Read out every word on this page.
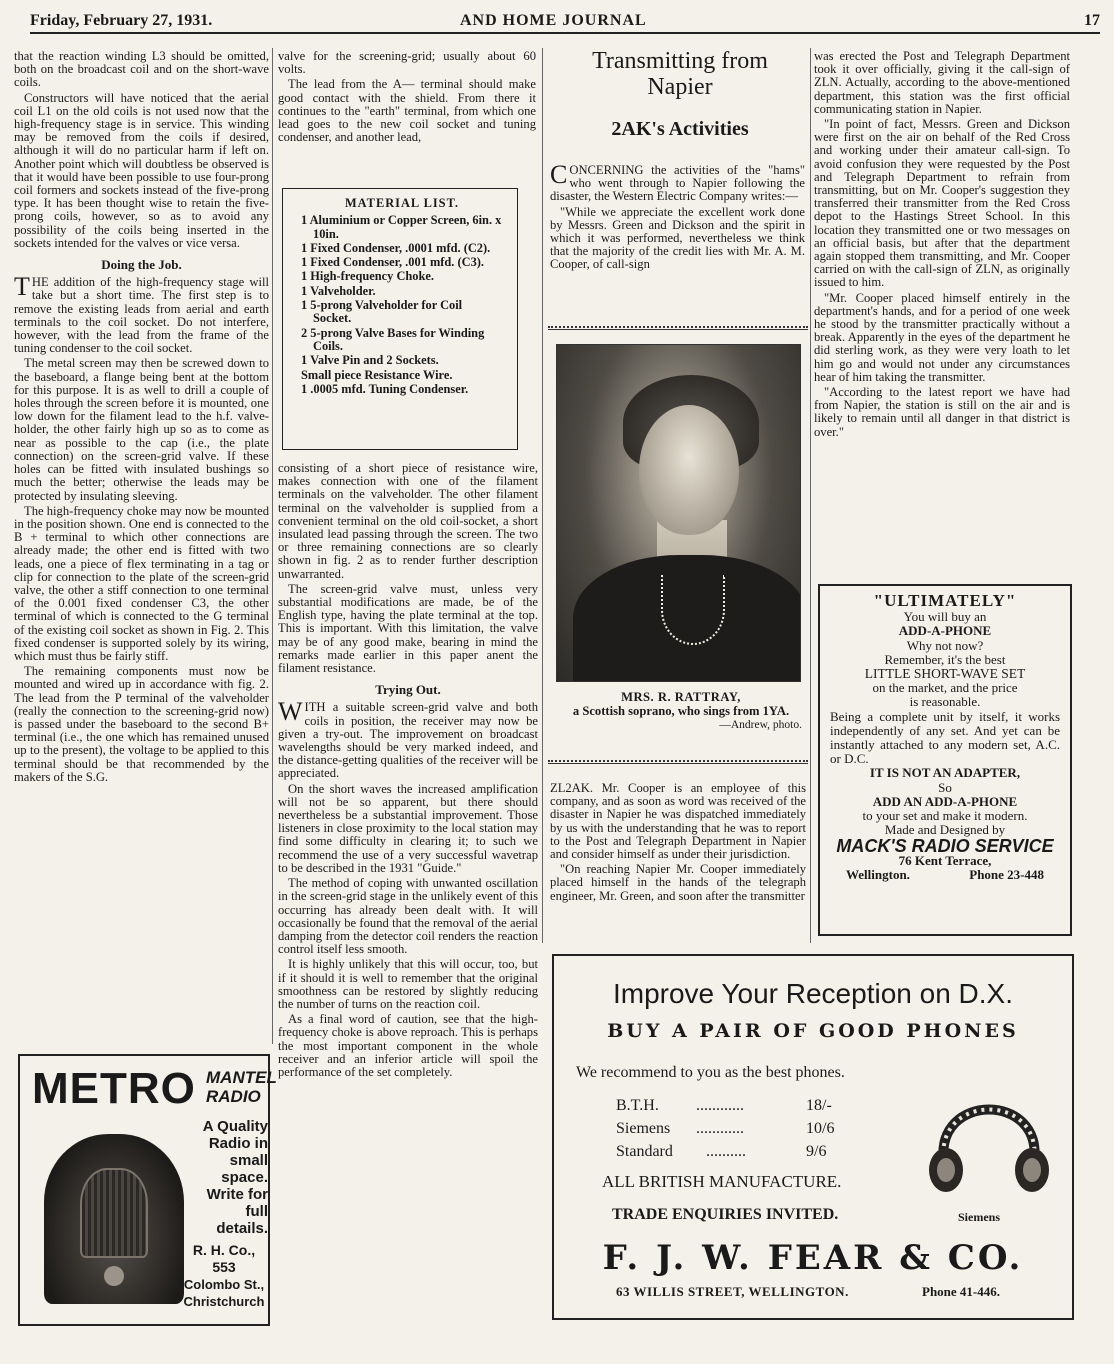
Friday, February 27, 1931.	AND HOME JOURNAL	17

that the reaction winding L3 should be omitted, both on the broadcast coil and on the short-wave coils.

Constructors will have noticed that the aerial coil L1 on the old coils is not used now that the high-frequency stage is in service. This winding may be removed from the coils if desired, although it will do no particular harm if left on. Another point which will doubtless be observed is that it would have been possible to use four-prong coil formers and sockets instead of the five-prong type. It has been thought wise to retain the five-prong coils, however, so as to avoid any possibility of the coils being inserted in the sockets intended for the valves or vice versa.

Doing the Job.

THE addition of the high-frequency stage will take but a short time. The first step is to remove the existing leads from aerial and earth terminals to the coil socket. Do not interfere, however, with the lead from the frame of the tuning condenser to the coil socket.

The metal screen may then be screwed down to the baseboard, a flange being bent at the bottom for this purpose. It is as well to drill a couple of holes through the screen before it is mounted, one low down for the filament lead to the h.f. valve-holder, the other fairly high up so as to come as near as possible to the cap (i.e., the plate connection) on the screen-grid valve. If these holes can be fitted with insulated bushings so much the better; otherwise the leads may be protected by insulating sleeving.

The high-frequency choke may now be mounted in the position shown. One end is connected to the B + terminal to which other connections are already made; the other end is fitted with two leads, one a piece of flex terminating in a tag or clip for connection to the plate of the screen-grid valve, the other a stiff connection to one terminal of the 0.001 fixed condenser C3, the other terminal of which is connected to the G terminal of the existing coil socket as shown in Fig. 2. This fixed condenser is supported solely by its wiring, which must thus be fairly stiff.

The remaining components must now be mounted and wired up in accordance with fig. 2. The lead from the P terminal of the valveholder (really the connection to the screening-grid now) is passed under the baseboard to the second B+ terminal (i.e., the one which has remained unused up to the present), the voltage to be applied to this terminal should be that recommended by the makers of the S.G.

valve for the screening-grid; usually about 60 volts.

The lead from the A— terminal should make good contact with the shield. From there it continues to the "earth" terminal, from which one lead goes to the new coil socket and tuning condenser, and another lead,

MATERIAL LIST.
1 Aluminium or Copper Screen, 6in. x 10in.
1 Fixed Condenser, .0001 mfd. (C2).
1 Fixed Condenser, .001 mfd. (C3).
1 High-frequency Choke.
1 Valveholder.
1 5-prong Valveholder for Coil Socket.
2 5-prong Valve Bases for Winding Coils.
1 Valve Pin and 2 Sockets.
Small piece Resistance Wire.
1 .0005 mfd. Tuning Condenser.

consisting of a short piece of resistance wire, makes connection with one of the filament terminals on the valveholder. The other filament terminal on the valveholder is supplied from a convenient terminal on the old coil-socket, a short insulated lead passing through the screen. The two or three remaining connections are so clearly shown in fig. 2 as to render further description unwarranted.

The screen-grid valve must, unless very substantial modifications are made, be of the English type, having the plate terminal at the top. This is important. With this limitation, the valve may be of any good make, bearing in mind the remarks made earlier in this paper anent the filament resistance.

Trying Out.

WITH a suitable screen-grid valve and both coils in position, the receiver may now be given a try-out. The improvement on broadcast wavelengths should be very marked indeed, and the distance-getting qualities of the receiver will be appreciated.

On the short waves the increased amplification will not be so apparent, but there should nevertheless be a substantial improvement. Those listeners in close proximity to the local station may find some difficulty in clearing it; to such we recommend the use of a very successful wavetrap to be described in the 1931 "Guide."

The method of coping with unwanted oscillation in the screen-grid stage in the unlikely event of this occurring has already been dealt with. It will occasionally be found that the removal of the aerial damping from the detector coil renders the reaction control itself less smooth.

It is highly unlikely that this will occur, too, but if it should it is well to remember that the original smoothness can be restored by slightly reducing the number of turns on the reaction coil.

As a final word of caution, see that the high-frequency choke is above reproach. This is perhaps the most important component in the whole receiver and an inferior article will spoil the performance of the set completely.

Transmitting from
Napier
2AK's Activities

CONCERNING the activities of the "hams" who went through to Napier following the disaster, the Western Electric Company writes:—

"While we appreciate the excellent work done by Messrs. Green and Dickson and the spirit in which it was performed, nevertheless we think that the majority of the credit lies with Mr. A. M. Cooper, of call-sign

MRS. R. RATTRAY,
a Scottish soprano, who sings from 1YA.
—Andrew, photo.

ZL2AK. Mr. Cooper is an employee of this company, and as soon as word was received of the disaster in Napier he was dispatched immediately by us with the understanding that he was to report to the Post and Telegraph Department in Napier and consider himself as under their jurisdiction.

"On reaching Napier Mr. Cooper immediately placed himself in the hands of the telegraph engineer, Mr. Green, and soon after the transmitter

was erected the Post and Telegraph Department took it over officially, giving it the call-sign of ZLN. Actually, according to the above-mentioned department, this station was the first official communicating station in Napier.

"In point of fact, Messrs. Green and Dickson were first on the air on behalf of the Red Cross and working under their amateur call-sign. To avoid confusion they were requested by the Post and Telegraph Department to refrain from transmitting, but on Mr. Cooper's suggestion they transferred their transmitter from the Red Cross depot to the Hastings Street School. In this location they transmitted one or two messages on an official basis, but after that the department again stopped them transmitting, and Mr. Cooper carried on with the call-sign of ZLN, as originally issued to him.

"Mr. Cooper placed himself entirely in the department's hands, and for a period of one week he stood by the transmitter practically without a break. Apparently in the eyes of the department he did sterling work, as they were very loath to let him go and would not under any circumstances hear of him taking the transmitter.

"According to the latest report we have had from Napier, the station is still on the air and is likely to remain until all danger in that district is over."

"ULTIMATELY"
You will buy an
ADD-A-PHONE
Why not now?
Remember, it's the best
LITTLE SHORT-WAVE SET
on the market, and the price
is reasonable.
Being a complete unit by itself, it works independently of any set. And yet can be instantly attached to any modern set, A.C. or D.C.
IT IS NOT AN ADAPTER,
So
ADD AN ADD-A-PHONE
to your set and make it modern.
Made and Designed by
MACK'S RADIO SERVICE
76 Kent Terrace,
Wellington.	Phone 23-448
METRO MANTEL
RADIO
A Quality
Radio in
small
space.
Write for
full
details.
R. H. Co.,
553
Colombo St.,
Christchurch
Improve Your Reception on D.X.
BUY A PAIR OF GOOD PHONES
We recommend to you as the best phones.
B.T.H.	............	18/-
Siemens	............	10/6
Standard	..........	9/6
ALL BRITISH MANUFACTURE.
TRADE ENQUIRIES INVITED.	Siemens
F. J. W. FEAR & CO.
63 WILLIS STREET, WELLINGTON.	Phone 41-446.
